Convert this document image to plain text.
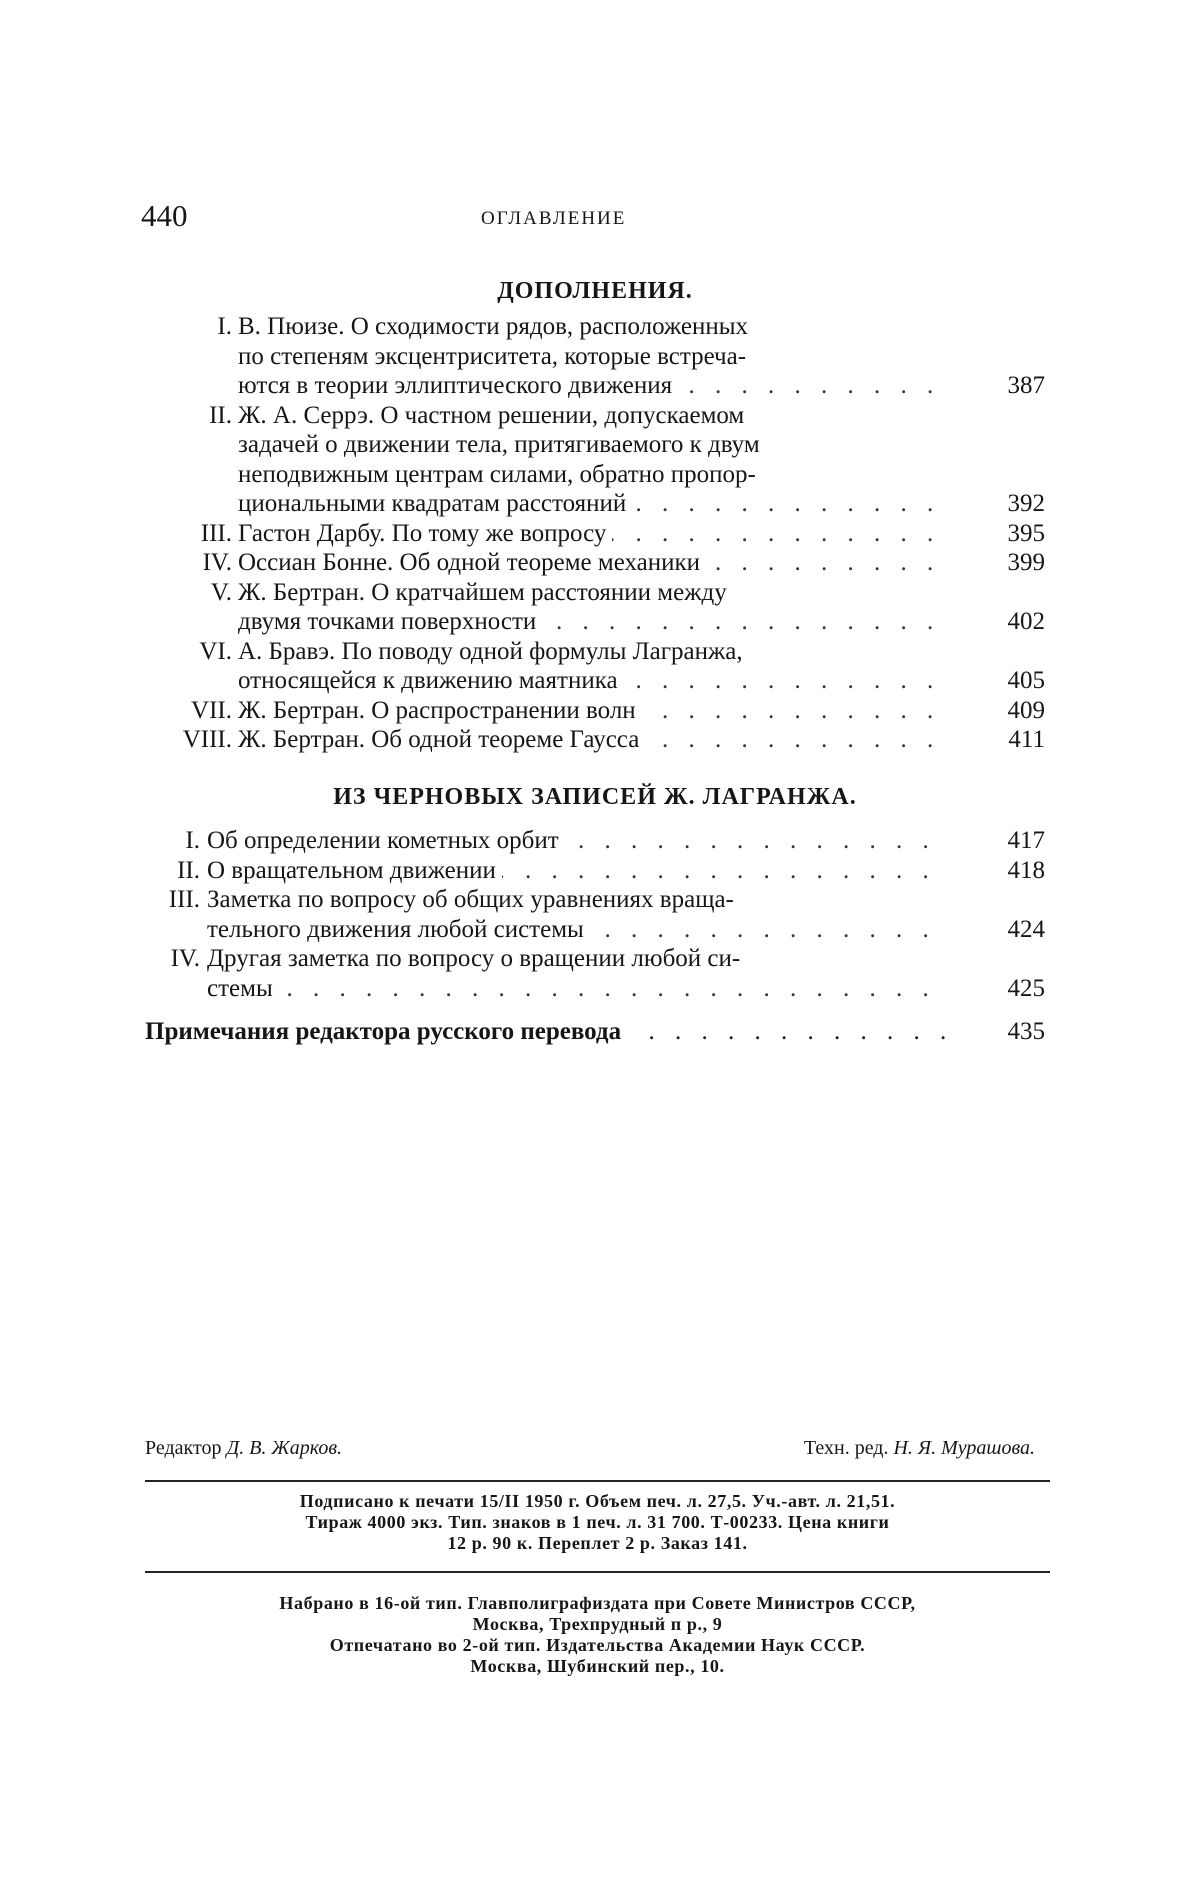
440	ОГЛАВЛЕНИЕ
ДОПОЛНЕНИЯ.
I. В. Пюизе. О сходимости рядов, расположенных
по степеням эксцентриситета, которые встреча-
ются в теории эллиптического движения	387
II. Ж. А. Серрэ. О частном решении, допускаемом
задачей о движении тела, притягиваемого к двум
неподвижным центрам силами, обратно пропор-
циональными квадратам расстояний	392
III. Гастон Дарбу. По тому же вопросу	395
IV. Оссиан Бонне. Об одной теореме механики	399
V. Ж. Бертран. О кратчайшем расстоянии между
. . . . . . . . . . . . . . .
двумя точками поверхности	402
VI. А. Бравэ. По поводу одной формулы Лагранжа,
относящейся к движению маятника	405
VII. Ж. Бертран. О распространении волн	409
VIII. Ж. Бертран. Об одной теореме Гаусса	411
ИЗ ЧЕРНОВЫХ ЗАПИСЕЙ Ж. ЛАГРАНЖА.
I.	. . . . . . . . . . . . . .
Об определении кометных орбит	417
II.	. . . . . . . . . . . . . . . . .
О вращательном движении	418
III. Заметка по вопросу об общих уравнениях враща-
тельного движения любой системы	424
IV. Другая заметка по вопросу о вращении любой си-
. . . . . . . . . . . . . . . . . . . . . . . . .
стемы	425
Примечания редактора русского перевода	435
Редактор Д. В. Жарков.	Техн. ред. Н. Я. Мурашова.
Подписано к печати 15/II 1950 г. Объем печ. л. 27,5. Уч.-авт. л. 21,51.
Тираж 4000 экз. Тип. знаков в 1 печ. л. 31 700. Т-00233. Цена книги
12 р. 90 к. Переплет 2 р. Заказ 141.
Набрано в 16-ой тип. Главполиграфиздата при Совете Министров СССР,
Москва, Трехпрудный п р., 9
Отпечатано во 2-ой тип. Издательства Академии Наук СССР.
Москва, Шубинский пер., 10.
